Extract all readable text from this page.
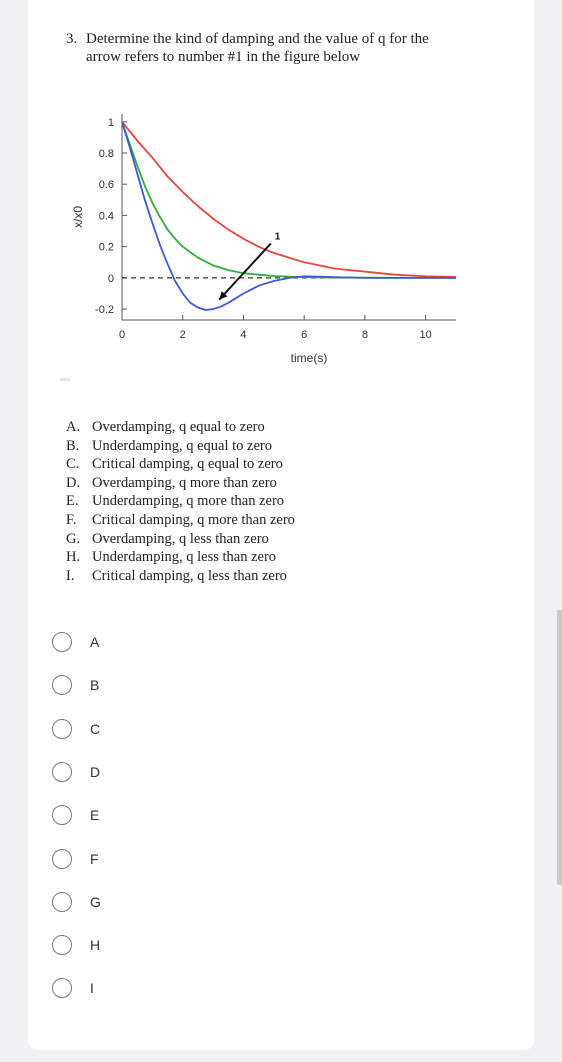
3. Determine the kind of damping and the value of q for the
arrow refers to number #1 in the figure below
1
0.8
0.6
0.4
0.2
0
-0.2
0	2	4	6	8	10
time(s)
x/x0
1
A. Overdamping, q equal to zero
B. Underdamping, q equal to zero
C. Critical damping, q equal to zero
D. Overdamping, q more than zero
E. Underdamping, q more than zero
F. Critical damping, q more than zero
G. Overdamping, q less than zero
H. Underdamping, q less than zero
I. Critical damping, q less than zero
A
B
C
D
E
F
G
H
I
